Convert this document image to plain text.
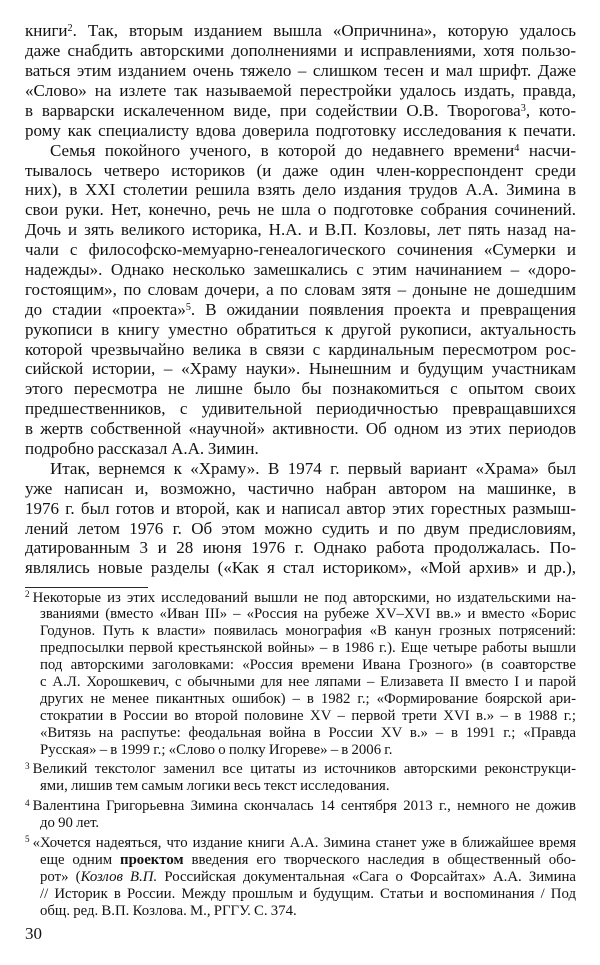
книги$^2$. Так, вторым изданием вышла «Опричнина», которую удалось
даже снабдить авторскими дополнениями и исправлениями, хотя пользо-
ваться этим изданием очень тяжело – слишком тесен и мал шрифт. Даже
«Слово» на излете так называемой перестройки удалось издать, правда,
в варварски искалеченном виде, при содействии О.В. Творогова$^3$, кото-
рому как специалисту вдова доверила подготовку исследования к печати.
Семья покойного ученого, в которой до недавнего времени$^4$ насчи-
тывалось четверо историков (и даже один член-корреспондент среди
них), в XXI столетии решила взять дело издания трудов А.А. Зимина в
свои руки. Нет, конечно, речь не шла о подготовке собрания сочинений.
Дочь и зять великого историка, Н.А. и В.П. Козловы, лет пять назад на-
чали с философско-мемуарно-генеалогического сочинения «Сумерки и
надежды». Однако несколько замешкались с этим начинанием – «доро-
гостоящим», по словам дочери, а по словам зятя – доныне не дошедшим
до стадии «проекта»$^5$. В ожидании появления проекта и превращения
рукописи в книгу уместно обратиться к другой рукописи, актуальность
которой чрезвычайно велика в связи с кардинальным пересмотром рос-
сийской истории, – «Храму науки». Нынешним и будущим участникам
этого пересмотра не лишне было бы познакомиться с опытом своих
предшественников, с удивительной периодичностью превращавшихся
в жертв собственной «научной» активности. Об одном из этих периодов
подробно рассказал А.А. Зимин.
Итак, вернемся к «Храму». В 1974 г. первый вариант «Храма» был
уже написан и, возможно, частично набран автором на машинке, в
1976 г. был готов и второй, как и написал автор этих горестных размыш-
лений летом 1976 г. Об этом можно судить и по двум предисловиям,
датированным 3 и 28 июня 1976 г. Однако работа продолжалась. По-
являлись новые разделы («Как я стал историком», «Мой архив» и др.),
$^2$ Некоторые из этих исследований вышли не под авторскими, но издательскими на-
званиями (вместо «Иван III» – «Россия на рубеже XV–XVI вв.» и вместо «Борис
Годунов. Путь к власти» появилась монография «В канун грозных потрясений:
предпосылки первой крестьянской войны» – в 1986 г.). Еще четыре работы вышли
под авторскими заголовками: «Россия времени Ивана Грозного» (в соавторстве
с А.Л. Хорошкевич, с обычными для нее ляпами – Елизавета II вместо I и парой
других не менее пикантных ошибок) – в 1982 г.; «Формирование боярской ари-
стократии в России во второй половине XV – первой трети XVI в.» – в 1988 г.;
«Витязь на распутье: феодальная война в России XV в.» – в 1991 г.; «Правда
Русская» – в 1999 г.; «Слово о полку Игореве» – в 2006 г.
$^3$ Великий текстолог заменил все цитаты из источников авторскими реконструкци-
ями, лишив тем самым логики весь текст исследования.
$^4$ Валентина Григорьевна Зимина скончалась 14 сентября 2013 г., немного не дожив
до 90 лет.
$^5$ «Хочется надеяться, что издание книги А.А. Зимина станет уже в ближайшее время
еще одним проектом введения его творческого наследия в общественный обо-
рот» (Козлов В.П. Российская документальная «Сага о Форсайтах» А.А. Зимина
// Историк в России. Между прошлым и будущим. Статьи и воспоминания / Под
общ. ред. В.П. Козлова. М., РГГУ. С. 374.
30
